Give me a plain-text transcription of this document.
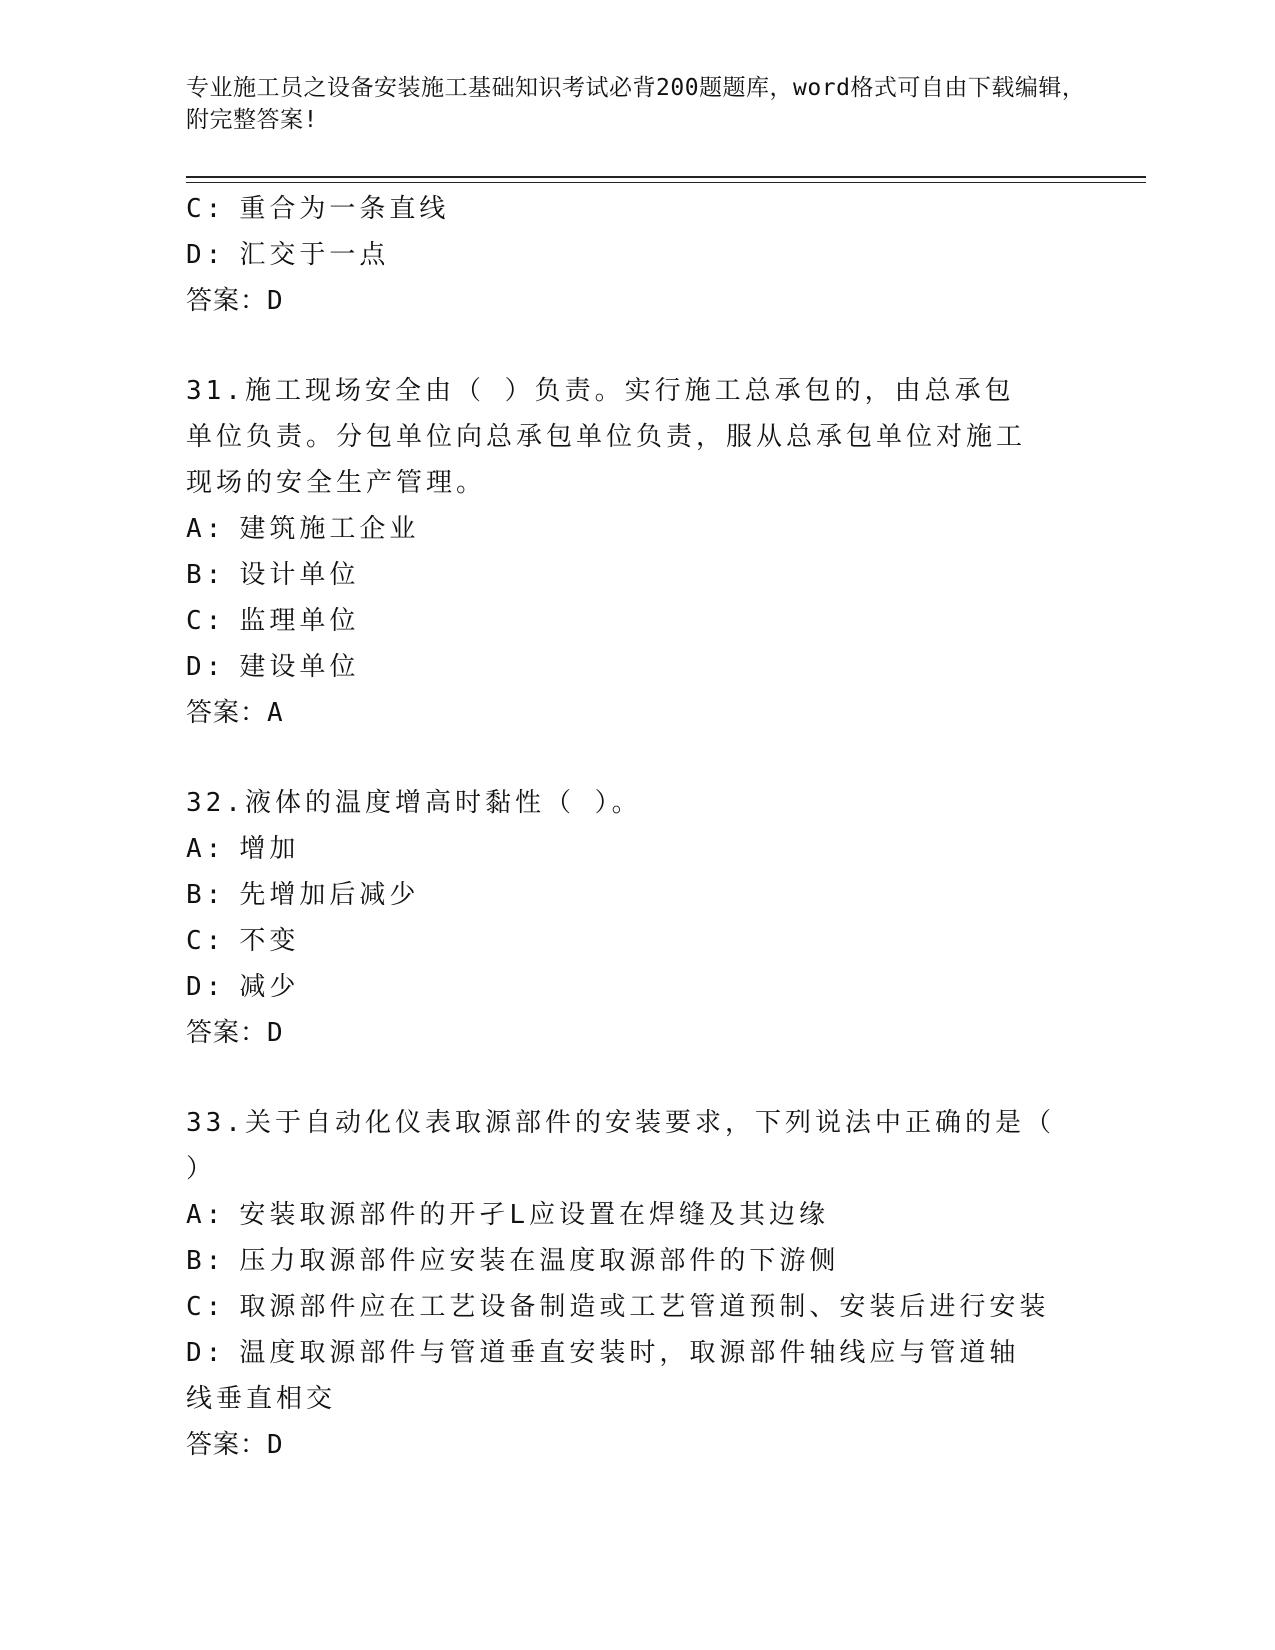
专业施工员之设备安装施工基础知识考试必背200题题库，word格式可自由下载编辑，附完整答案!
C: 重合为一条直线
D: 汇交于一点
答案：D
31.施工现场安全由（ ）负责。实行施工总承包的，由总承包单位负责。分包单位向总承包单位负责，服从总承包单位对施工现场的安全生产管理。
A: 建筑施工企业
B: 设计单位
C: 监理单位
D: 建设单位
答案：A
32.液体的温度增高时黏性（ ）。
A: 增加
B: 先增加后减少
C: 不变
D: 减少
答案：D
33.关于自动化仪表取源部件的安装要求，下列说法中正确的是（ ）
A: 安装取源部件的开孑L应设置在焊缝及其边缘
B: 压力取源部件应安装在温度取源部件的下游侧
C: 取源部件应在工艺设备制造或工艺管道预制、安装后进行安装
D: 温度取源部件与管道垂直安装时，取源部件轴线应与管道轴线垂直相交
答案：D
